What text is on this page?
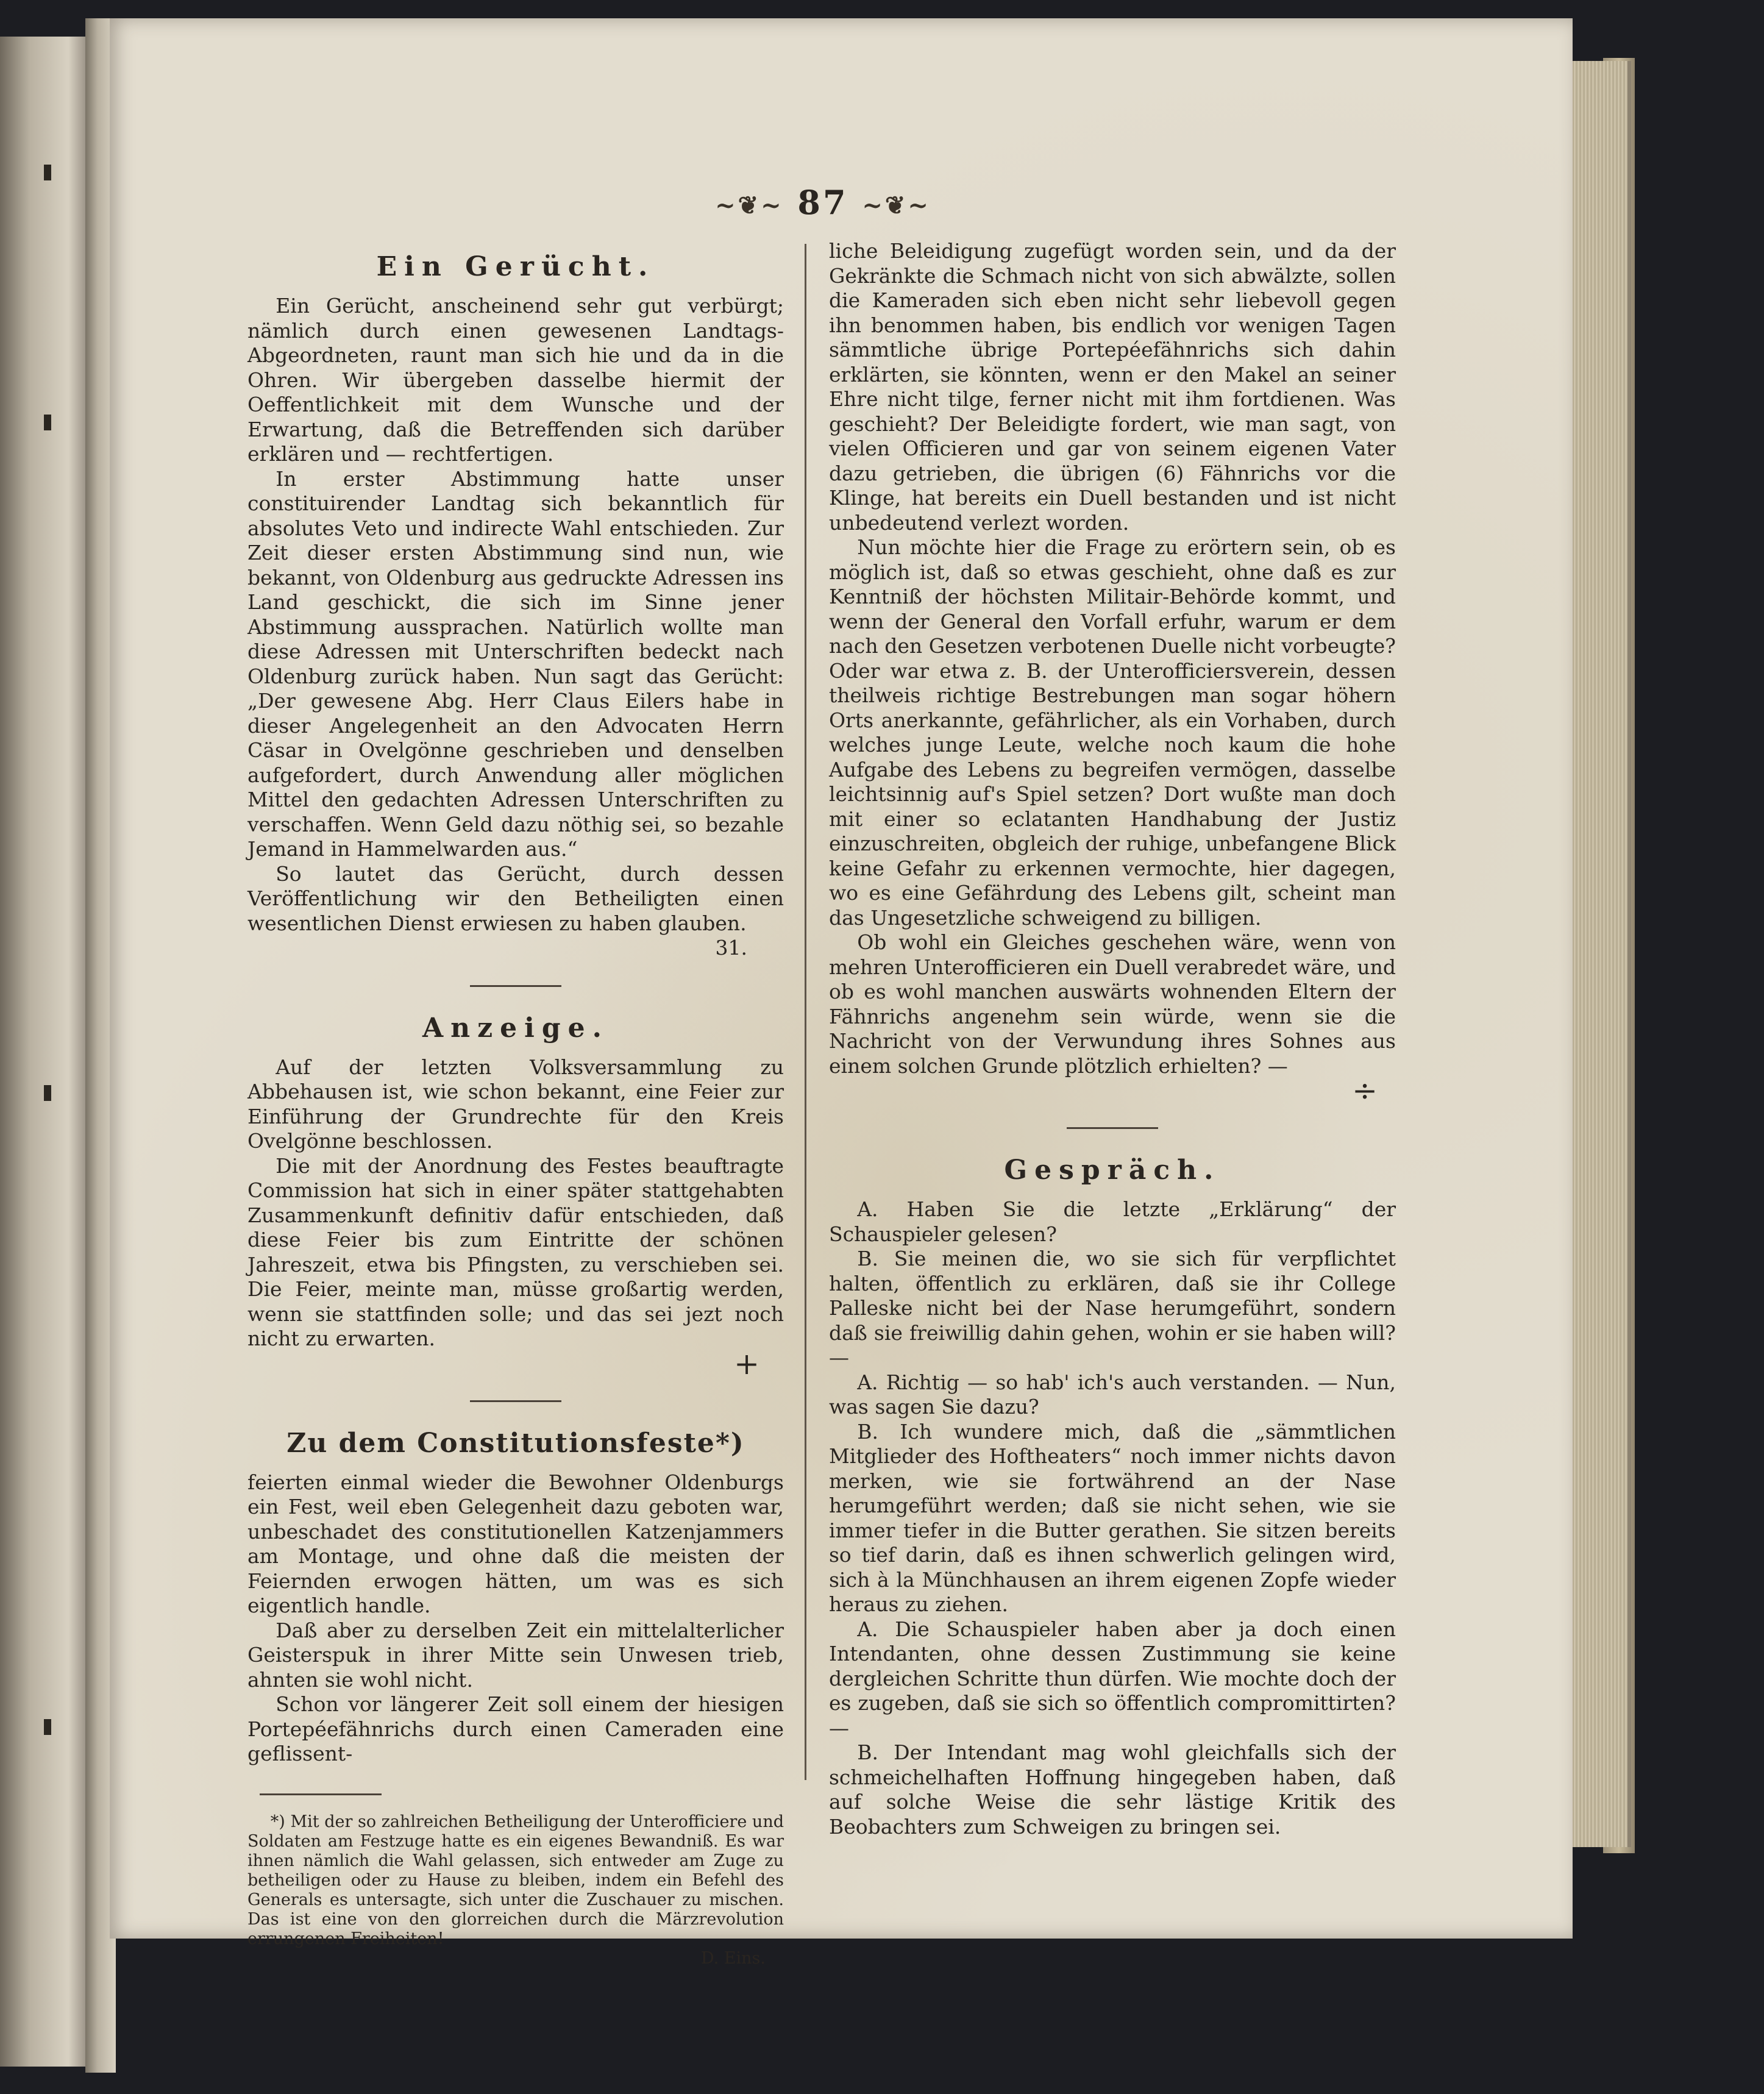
~❦~ 87 ~❦~
Ein Gerücht.

Ein Gerücht, anscheinend sehr gut verbürgt; nämlich durch einen gewesenen Landtags-Abgeordneten, raunt man sich hie und da in die Ohren. Wir übergeben dasselbe hiermit der Oeffentlichkeit mit dem Wunsche und der Erwartung, daß die Betreffenden sich darüber erklären und — rechtfertigen.

In erster Abstimmung hatte unser constituirender Landtag sich bekanntlich für absolutes Veto und indirecte Wahl entschieden. Zur Zeit dieser ersten Abstimmung sind nun, wie bekannt, von Oldenburg aus gedruckte Adressen ins Land geschickt, die sich im Sinne jener Abstimmung aussprachen. Natürlich wollte man diese Adressen mit Unterschriften bedeckt nach Oldenburg zurück haben. Nun sagt das Gerücht: „Der gewesene Abg. Herr Claus Eilers habe in dieser Angelegenheit an den Advocaten Herrn Cäsar in Ovelgönne geschrieben und denselben aufgefordert, durch Anwendung aller möglichen Mittel den gedachten Adressen Unterschriften zu verschaffen. Wenn Geld dazu nöthig sei, so bezahle Jemand in Hammelwarden aus.“

So lautet das Gerücht, durch dessen Veröffentlichung wir den Betheiligten einen wesentlichen Dienst erwiesen zu haben glauben.

31.
Anzeige.

Auf der letzten Volksversammlung zu Abbehausen ist, wie schon bekannt, eine Feier zur Einführung der Grundrechte für den Kreis Ovelgönne beschlossen.

Die mit der Anordnung des Festes beauftragte Commission hat sich in einer später stattgehabten Zusammenkunft definitiv dafür entschieden, daß diese Feier bis zum Eintritte der schönen Jahreszeit, etwa bis Pfingsten, zu verschieben sei. Die Feier, meinte man, müsse großartig werden, wenn sie stattfinden solle; und das sei jezt noch nicht zu erwarten.

+
Zu dem Constitutionsfeste*)

feierten einmal wieder die Bewohner Oldenburgs ein Fest, weil eben Gelegenheit dazu geboten war, unbeschadet des constitutionellen Katzenjammers am Montage, und ohne daß die meisten der Feiernden erwogen hätten, um was es sich eigentlich handle.

Daß aber zu derselben Zeit ein mittelalterlicher Geisterspuk in ihrer Mitte sein Unwesen trieb, ahnten sie wohl nicht.

Schon vor längerer Zeit soll einem der hiesigen Portepéefähnrichs durch einen Cameraden eine geflissent-

*) Mit der so zahlreichen Betheiligung der Unterofficiere und Soldaten am Festzuge hatte es ein eigenes Bewandniß. Es war ihnen nämlich die Wahl gelassen, sich entweder am Zuge zu betheiligen oder zu Hause zu bleiben, indem ein Befehl des Generals es untersagte, sich unter die Zuschauer zu mischen. Das ist eine von den glorreichen durch die Märzrevolution errungenen Freiheiten!

D. Eins.

liche Beleidigung zugefügt worden sein, und da der Gekränkte die Schmach nicht von sich abwälzte, sollen die Kameraden sich eben nicht sehr liebevoll gegen ihn benommen haben, bis endlich vor wenigen Tagen sämmtliche übrige Portepéefähnrichs sich dahin erklärten, sie könnten, wenn er den Makel an seiner Ehre nicht tilge, ferner nicht mit ihm fortdienen. Was geschieht? Der Beleidigte fordert, wie man sagt, von vielen Officieren und gar von seinem eigenen Vater dazu getrieben, die übrigen (6) Fähnrichs vor die Klinge, hat bereits ein Duell bestanden und ist nicht unbedeutend verlezt worden.

Nun möchte hier die Frage zu erörtern sein, ob es möglich ist, daß so etwas geschieht, ohne daß es zur Kenntniß der höchsten Militair-Behörde kommt, und wenn der General den Vorfall erfuhr, warum er dem nach den Gesetzen verbotenen Duelle nicht vorbeugte? Oder war etwa z. B. der Unterofficiersverein, dessen theilweis richtige Bestrebungen man sogar höhern Orts anerkannte, gefährlicher, als ein Vorhaben, durch welches junge Leute, welche noch kaum die hohe Aufgabe des Lebens zu begreifen vermögen, dasselbe leichtsinnig auf's Spiel setzen? Dort wußte man doch mit einer so eclatanten Handhabung der Justiz einzuschreiten, obgleich der ruhige, unbefangene Blick keine Gefahr zu erkennen vermochte, hier dagegen, wo es eine Gefährdung des Lebens gilt, scheint man das Ungesetzliche schweigend zu billigen.

Ob wohl ein Gleiches geschehen wäre, wenn von mehren Unterofficieren ein Duell verabredet wäre, und ob es wohl manchen auswärts wohnenden Eltern der Fähnrichs angenehm sein würde, wenn sie die Nachricht von der Verwundung ihres Sohnes aus einem solchen Grunde plötzlich erhielten? —

÷
Gespräch.

A. Haben Sie die letzte „Erklärung“ der Schauspieler gelesen?

B. Sie meinen die, wo sie sich für verpflichtet halten, öffentlich zu erklären, daß sie ihr College Palleske nicht bei der Nase herumgeführt, sondern daß sie freiwillig dahin gehen, wohin er sie haben will? —

A. Richtig — so hab' ich's auch verstanden. — Nun, was sagen Sie dazu?

B. Ich wundere mich, daß die „sämmtlichen Mitglieder des Hoftheaters“ noch immer nichts davon merken, wie sie fortwährend an der Nase herumgeführt werden; daß sie nicht sehen, wie sie immer tiefer in die Butter gerathen. Sie sitzen bereits so tief darin, daß es ihnen schwerlich gelingen wird, sich à la Münchhausen an ihrem eigenen Zopfe wieder heraus zu ziehen.

A. Die Schauspieler haben aber ja doch einen Intendanten, ohne dessen Zustimmung sie keine dergleichen Schritte thun dürfen. Wie mochte doch der es zugeben, daß sie sich so öffentlich compromittirten? —

B. Der Intendant mag wohl gleichfalls sich der schmeichelhaften Hoffnung hingegeben haben, daß auf solche Weise die sehr lästige Kritik des Beobachters zum Schweigen zu bringen sei.
